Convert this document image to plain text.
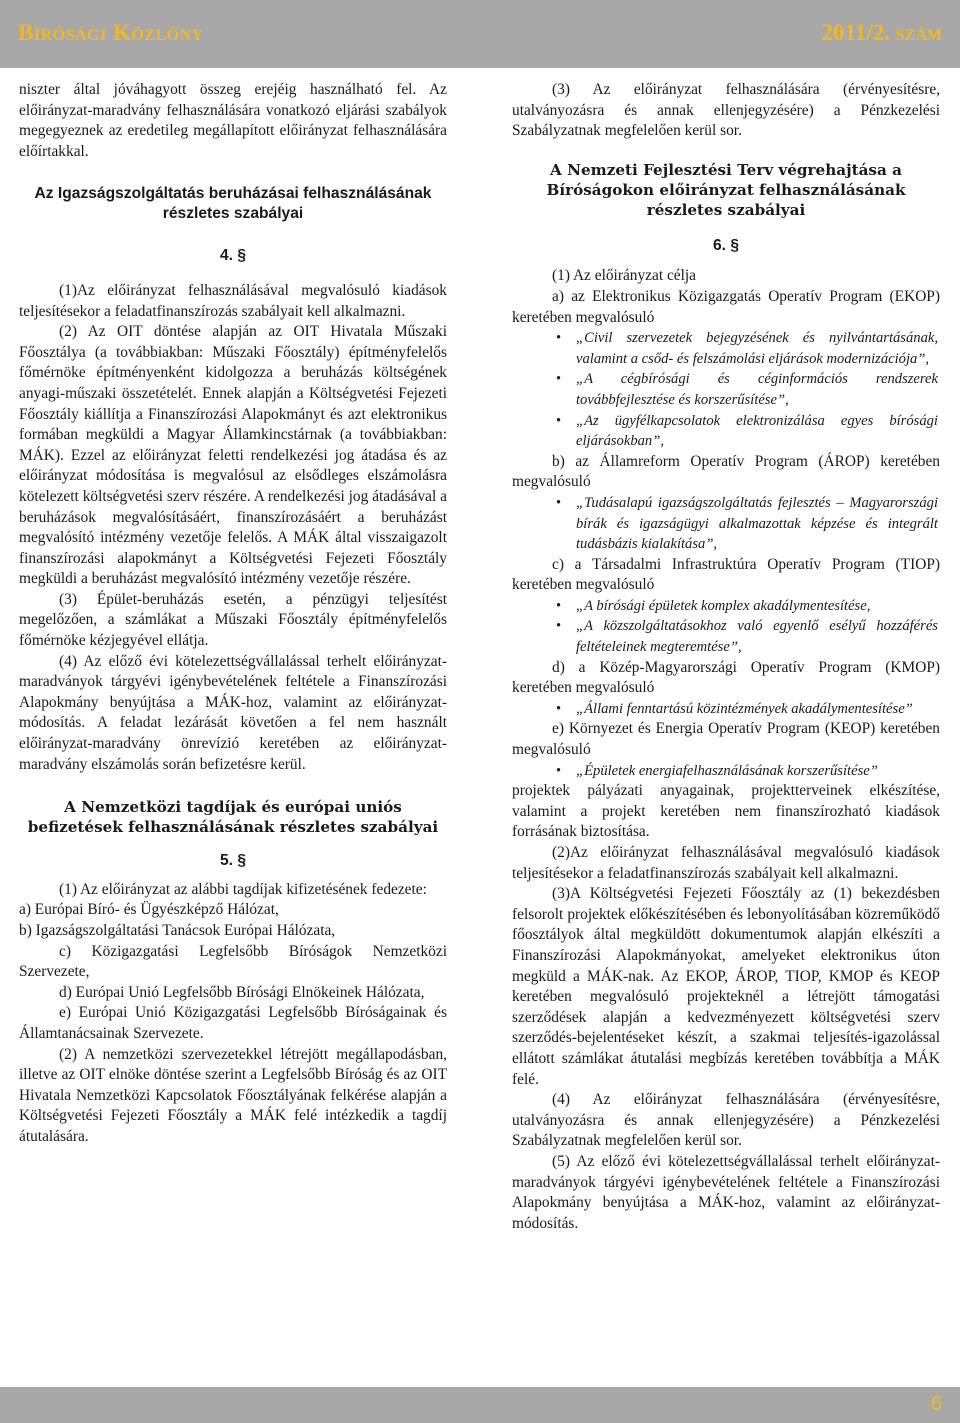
Bírósági Közlöny	2011/2. szám

niszter által jóváhagyott összeg erejéig használható fel. Az előirányzat-maradvány felhasználására vonatkozó eljárási szabályok megegyeznek az eredetileg megállapított előirányzat felhasználására előírtakkal.

Az Igazságszolgáltatás beruházásai felhasználásának részletes szabályai

4. §

(1)Az előirányzat felhasználásával megvalósuló kiadások teljesítésekor a feladatfinanszírozás szabályait kell alkalmazni.

(2) Az OIT döntése alapján az OIT Hivatala Műszaki Főosztálya (a továbbiakban: Műszaki Főosztály) építményfelelős főmérnöke építményenként kidolgozza a beruházás költségének anyagi-műszaki összetételét. Ennek alapján a Költségvetési Fejezeti Főosztály kiállítja a Finanszírozási Alapokmányt és azt elektronikus formában megküldi a Magyar Államkincstárnak (a továbbiakban: MÁK). Ezzel az előirányzat feletti rendelkezési jog átadása és az előirányzat módosítása is megvalósul az elsődleges elszámolásra kötelezett költségvetési szerv részére. A rendelkezési jog átadásával a beruházások megvalósításáért, finanszírozásáért a beruházást megvalósító intézmény vezetője felelős. A MÁK által visszaigazolt finanszírozási alapokmányt a Költségvetési Fejezeti Főosztály megküldi a beruházást megvalósító intézmény vezetője részére.

(3) Épület-beruházás esetén, a pénzügyi teljesítést megelőzően, a számlákat a Műszaki Főosztály építményfelelős főmérnöke kézjegyével ellátja.

(4) Az előző évi kötelezettségvállalással terhelt előirányzat-maradványok tárgyévi igénybevételének feltétele a Finanszírozási Alapokmány benyújtása a MÁK-hoz, valamint az előirányzat-módosítás. A feladat lezárását követően a fel nem használt előirányzat-maradvány önrevízió keretében az előirányzat-maradvány elszámolás során befizetésre kerül.

A Nemzetközi tagdíjak és európai uniós befizetések felhasználásának részletes szabályai

5. §

(1) Az előirányzat az alábbi tagdíjak kifizetésének fedezete:

a) Európai Bíró- és Ügyészképző Hálózat,

b) Igazságszolgáltatási Tanácsok Európai Hálózata,

c) Közigazgatási Legfelsőbb Bíróságok Nemzetközi Szervezete,

d) Európai Unió Legfelsőbb Bírósági Elnökeinek Hálózata,

e) Európai Unió Közigazgatási Legfelsőbb Bíróságainak és Államtanácsainak Szervezete.

(2) A nemzetközi szervezetekkel létrejött megállapodásban, illetve az OIT elnöke döntése szerint a Legfelsőbb Bíróság és az OIT Hivatala Nemzetközi Kapcsolatok Főosztályának felkérése alapján a Költségvetési Fejezeti Főosztály a MÁK felé intézkedik a tagdíj átutalására.

(3) Az előirányzat felhasználására (érvényesítésre, utalványozásra és annak ellenjegyzésére) a Pénzkezelési Szabályzatnak megfelelően kerül sor.

A Nemzeti Fejlesztési Terv végrehajtása a Bíróságokon előirányzat felhasználásának részletes szabályai

6. §

(1) Az előirányzat célja

a) az Elektronikus Közigazgatás Operatív Program (EKOP) keretében megvalósuló

• „Civil szervezetek bejegyzésének és nyilvántartásának, valamint a csőd- és felszámolási eljárások modernizációja”,
• „A cégbírósági és céginformációs rendszerek továbbfejlesztése és korszerűsítése”,
• „Az ügyfélkapcsolatok elektronizálása egyes bírósági eljárásokban”,

b) az Államreform Operatív Program (ÁROP) keretében megvalósuló

• „Tudásalapú igazságszolgáltatás fejlesztés – Magyarországi bírák és igazságügyi alkalmazottak képzése és integrált tudásbázis kialakítása”,

c) a Társadalmi Infrastruktúra Operatív Program (TIOP) keretében megvalósuló

• „A bírósági épületek komplex akadálymentesítése,
• „A közszolgáltatásokhoz való egyenlő esélyű hozzáférés feltételeinek megteremtése”,

d) a Közép-Magyarországi Operatív Program (KMOP) keretében megvalósuló

• „Állami fenntartású közintézmények akadálymentesítése”

e) Környezet és Energia Operatív Program (KEOP) keretében megvalósuló

• „Épületek energiafelhasználásának korszerűsítése”

projektek pályázati anyagainak, projektterveinek elkészítése, valamint a projekt keretében nem finanszírozható kiadások forrásának biztosítása.

(2)Az előirányzat felhasználásával megvalósuló kiadások teljesítésekor a feladatfinanszírozás szabályait kell alkalmazni.

(3)A Költségvetési Fejezeti Főosztály az (1) bekezdésben felsorolt projektek előkészítésében és lebonyolításában közreműködő főosztályok által megküldött dokumentumok alapján elkészíti a Finanszírozási Alapokmányokat, amelyeket elektronikus úton megküld a MÁK-nak. Az EKOP, ÁROP, TIOP, KMOP és KEOP keretében megvalósuló projekteknél a létrejött támogatási szerződések alapján a kedvezményezett költségvetési szerv szerződés-bejelentéseket készít, a szakmai teljesítés-igazolással ellátott számlákat átutalási megbízás keretében továbbítja a MÁK felé.

(4) Az előirányzat felhasználására (érvényesítésre, utalványozásra és annak ellenjegyzésére) a Pénzkezelési Szabályzatnak megfelelően kerül sor.

(5) Az előző évi kötelezettségvállalással terhelt előirányzat-maradványok tárgyévi igénybevételének feltétele a Finanszírozási Alapokmány benyújtása a MÁK-hoz, valamint az előirányzat-módosítás.

6
